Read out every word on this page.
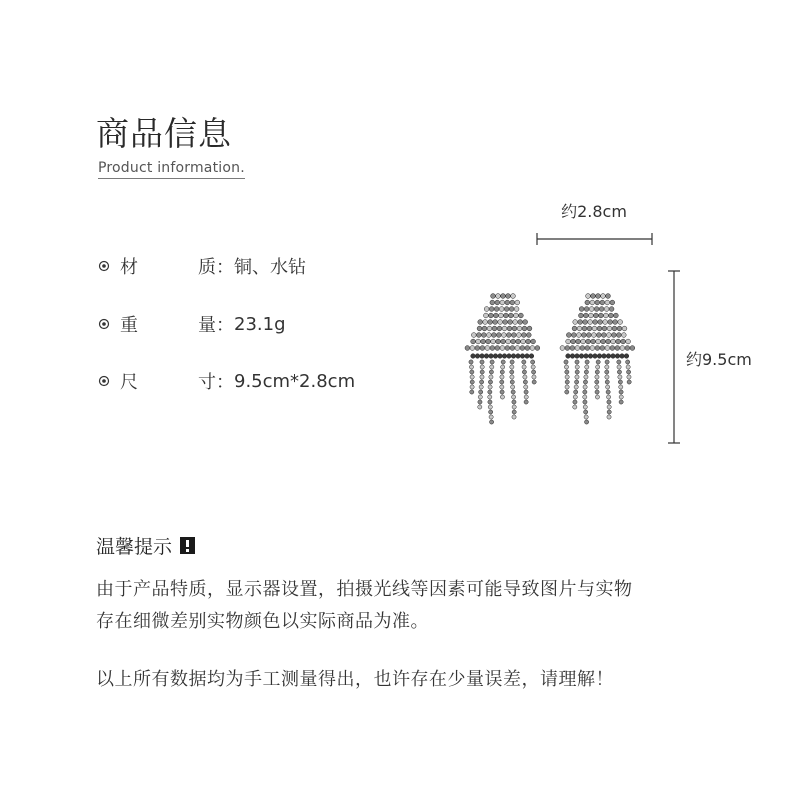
商品信息
Product information.
材	质 ： 铜、水钻
重	量 ： 23.1g
尺	寸 ： 9.5cm*2.8cm
约2.8cm
约9.5cm
温馨提示
由于产品特质，显示器设置，拍摄光线等因素可能导致图片与实物
存在细微差别实物颜色以实际商品为准。
以上所有数据均为手工测量得出，也许存在少量误差，请理解！
